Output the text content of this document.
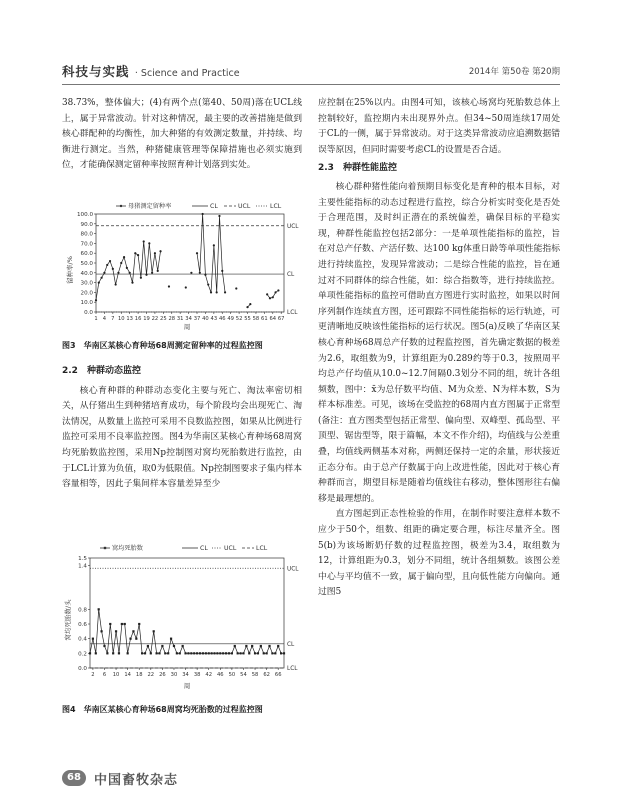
科技与实践 · Science and Practice	2014年 第50卷 第20期

38.73%，整体偏大；(4)有两个点(第40、50周)落在UCL线上，属于异常波动。针对这种情况，最主要的改善措施是做到核心群配种的均衡性，加大种猪的有效测定数量，并持续、均衡进行测定。当然，种猪健康管理等保障措施也必须实施到位，才能确保测定留种率按照育种计划落到实处。

母猪测定留种率	CL	UCL	LCL
留种率/%
周
0.0
10.0
20.0
30.0
40.0
50.0
60.0
70.0
80.0
90.0
100.0
1 4 7 10 13 16 19 22 25 28 31 34 37 40 43 46 49 52 55 58 61 64 67
UCL
CL
LCL
图3　华南区某核心育种场68周测定留种率的过程监控图

2.2　种群动态监控

核心育种群的种群动态变化主要与死亡、淘汰率密切相关，从仔猪出生到种猪培育成功，每个阶段均会出现死亡、淘汰情况，从数量上监控可采用不良数监控图，如果从比例进行监控可采用不良率监控图。图4为华南区某核心育种场68周窝均死胎数监控图，采用Np控制图对窝均死胎数进行监控，由于LCL计算为负值，取0为低限值。Np控制图要求子集内样本容量相等，因此子集间样本容量差异至少

窝均死胎数	CL	UCL	LCL
窝均死胎数/头
周
0.0
0.2
0.4
0.6
0.8
1.4
1.5
2 6 10 14 18 22 26 30 34 38 42 46 50 54 58 62 66
UCL
CL
LCL
图4　华南区某核心育种场68周窝均死胎数的过程监控图

应控制在25%以内。由图4可知，该核心场窝均死胎数总体上控制较好，监控期内未出现界外点。但34~50周连续17周处于CL的一侧，属于异常波动。对于这类异常波动应追溯数据错误等原因，但同时需要考虑CL的设置是否合适。

2.3　种群性能监控

核心群种猪性能向着预期目标变化是育种的根本目标，对主要性能指标的动态过程进行监控，综合分析实时变化是否处于合理范围，及时纠正潜在的系统偏差，确保目标的平稳实现，种群性能监控包括2部分：一是单项性能指标的监控，旨在对总产仔数、产活仔数、达100 kg体重日龄等单项性能指标进行持续监控，发现异常波动；二是综合性能的监控，旨在通过对不同群体的综合性能，如：综合指数等，进行持续监控。单项性能指标的监控可借助直方图进行实时监控，如果以时间序列制作连续直方图，还可跟踪不同性能指标的运行轨迹，可更清晰地反映该性能指标的运行状况。图5(a)反映了华南区某核心育种场68周总产仔数的过程监控图，首先确定数据的极差为2.6，取组数为9，计算组距为0.289约等于0.3，按照周平均总产仔均值从10.0~12.7间隔0.3划分不同的组，统计各组频数，图中：x̄为总仔数平均值、M为众差、N为样本数，S为样本标准差。可见，该场在受监控的68周内直方图属于正常型(备注：直方图类型包括正常型、偏向型、双峰型、孤岛型、平顶型、锯齿型等，限于篇幅，本文不作介绍)，均值线与公差重叠，均值线两侧基本对称，两侧还保持一定的余量，形状接近正态分布。由于总产仔数属于向上改进性能，因此对于核心育种群而言，期望目标是随着均值线往右移动，整体图形往右偏移是最理想的。

直方图起到正态性检验的作用，在制作时要注意样本数不应少于50个，组数、组距的确定要合理，标注尽量齐全。图5(b)为该场断奶仔数的过程监控图，极差为3.4，取组数为12，计算组距为0.3，划分不同组，统计各组频数。该图公差中心与平均值不一致，属于偏向型，且向低性能方向偏向。通过图5

68	中国畜牧杂志
